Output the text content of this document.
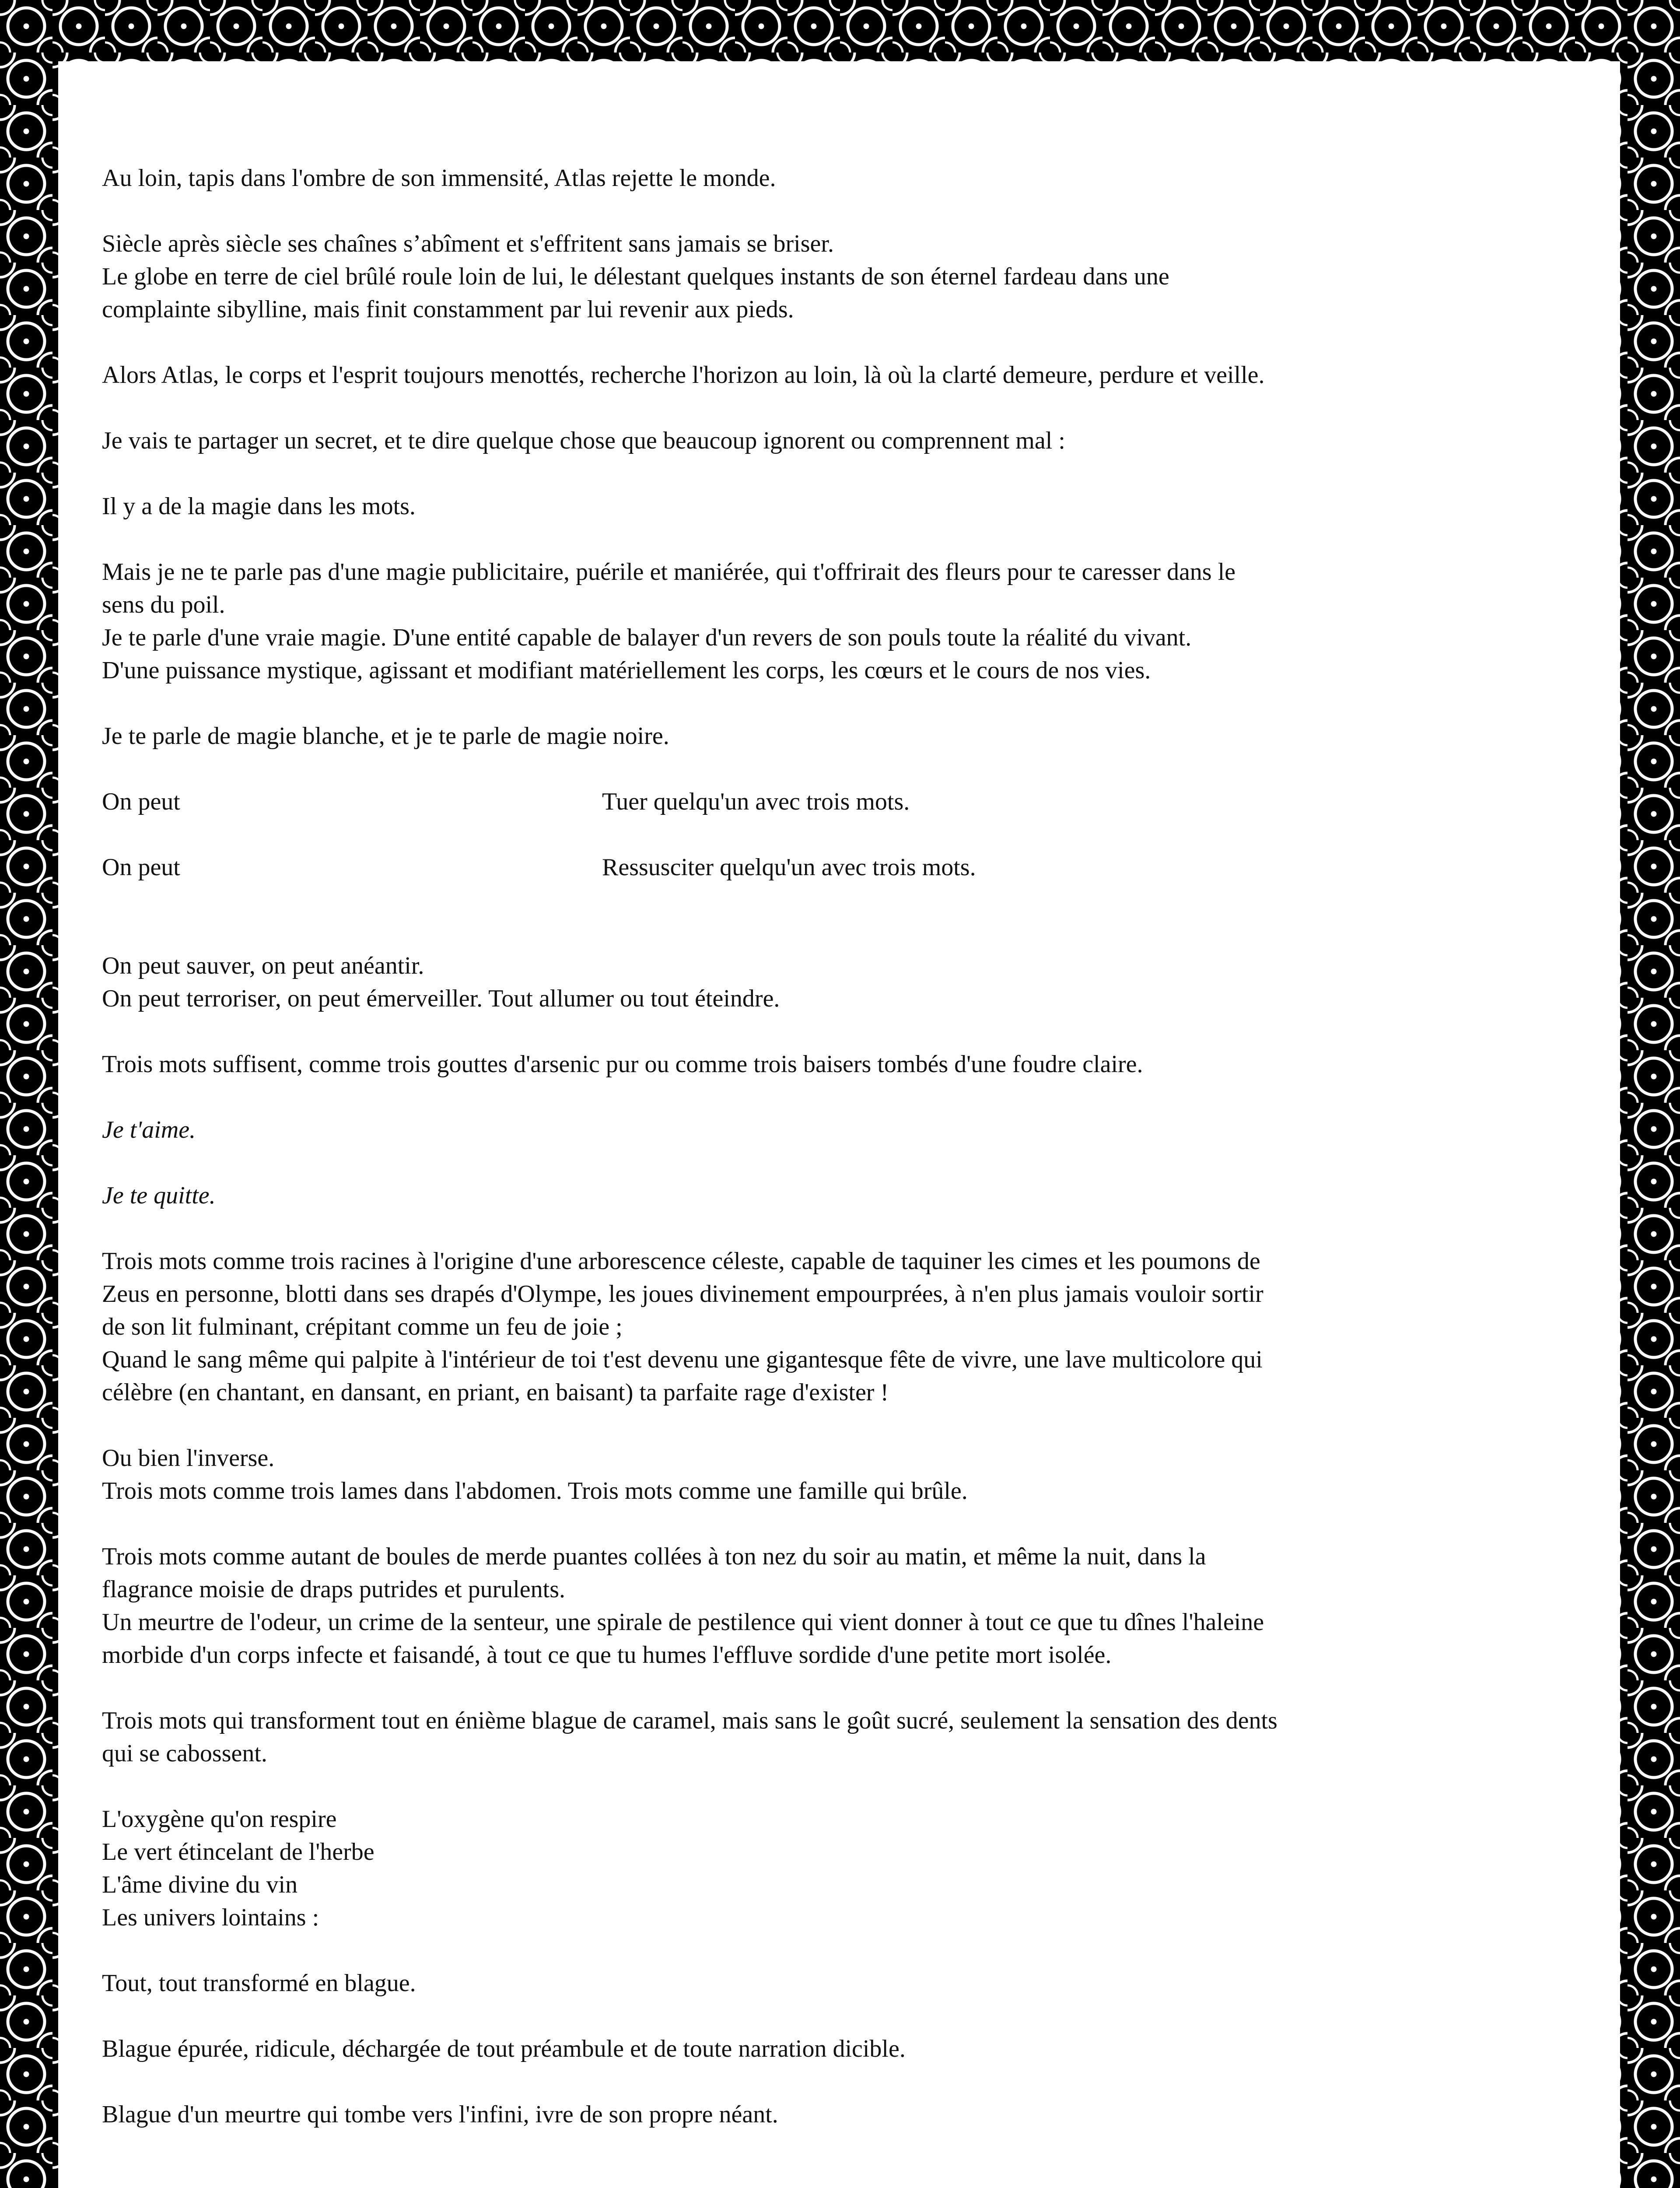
Au loin, tapis dans l'ombre de son immensité, Atlas rejette le monde.

Siècle après siècle ses chaînes s’abîment et s'effritent sans jamais se briser.
Le globe en terre de ciel brûlé roule loin de lui, le délestant quelques instants de son éternel fardeau dans une
complainte sibylline, mais finit constamment par lui revenir aux pieds.

Alors Atlas, le corps et l'esprit toujours menottés, recherche l'horizon au loin, là où la clarté demeure, perdure et veille.

Je vais te partager un secret, et te dire quelque chose que beaucoup ignorent ou comprennent mal :

Il y a de la magie dans les mots.

Mais je ne te parle pas d'une magie publicitaire, puérile et maniérée, qui t'offrirait des fleurs pour te caresser dans le
sens du poil.
Je te parle d'une vraie magie. D'une entité capable de balayer d'un revers de son pouls toute la réalité du vivant.
D'une puissance mystique, agissant et modifiant matériellement les corps, les cœurs et le cours de nos vies.

Je te parle de magie blanche, et je te parle de magie noire.

On peut	Tuer quelqu'un avec trois mots.
On peut	Ressusciter quelqu'un avec trois mots.

On peut sauver, on peut anéantir.
On peut terroriser, on peut émerveiller. Tout allumer ou tout éteindre.

Trois mots suffisent, comme trois gouttes d'arsenic pur ou comme trois baisers tombés d'une foudre claire.

Je t'aime.

Je te quitte.

Trois mots comme trois racines à l'origine d'une arborescence céleste, capable de taquiner les cimes et les poumons de
Zeus en personne, blotti dans ses drapés d'Olympe, les joues divinement empourprées, à n'en plus jamais vouloir sortir
de son lit fulminant, crépitant comme un feu de joie ;
Quand le sang même qui palpite à l'intérieur de toi t'est devenu une gigantesque fête de vivre, une lave multicolore qui
célèbre (en chantant, en dansant, en priant, en baisant) ta parfaite rage d'exister !

Ou bien l'inverse.
Trois mots comme trois lames dans l'abdomen. Trois mots comme une famille qui brûle.

Trois mots comme autant de boules de merde puantes collées à ton nez du soir au matin, et même la nuit, dans la
flagrance moisie de draps putrides et purulents.
Un meurtre de l'odeur, un crime de la senteur, une spirale de pestilence qui vient donner à tout ce que tu dînes l'haleine
morbide d'un corps infecte et faisandé, à tout ce que tu humes l'effluve sordide d'une petite mort isolée.

Trois mots qui transforment tout en énième blague de caramel, mais sans le goût sucré, seulement la sensation des dents
qui se cabossent.

L'oxygène qu'on respire
Le vert étincelant de l'herbe
L'âme divine du vin
Les univers lointains :

Tout, tout transformé en blague.

Blague épurée, ridicule, déchargée de tout préambule et de toute narration dicible.

Blague d'un meurtre qui tombe vers l'infini, ivre de son propre néant.
